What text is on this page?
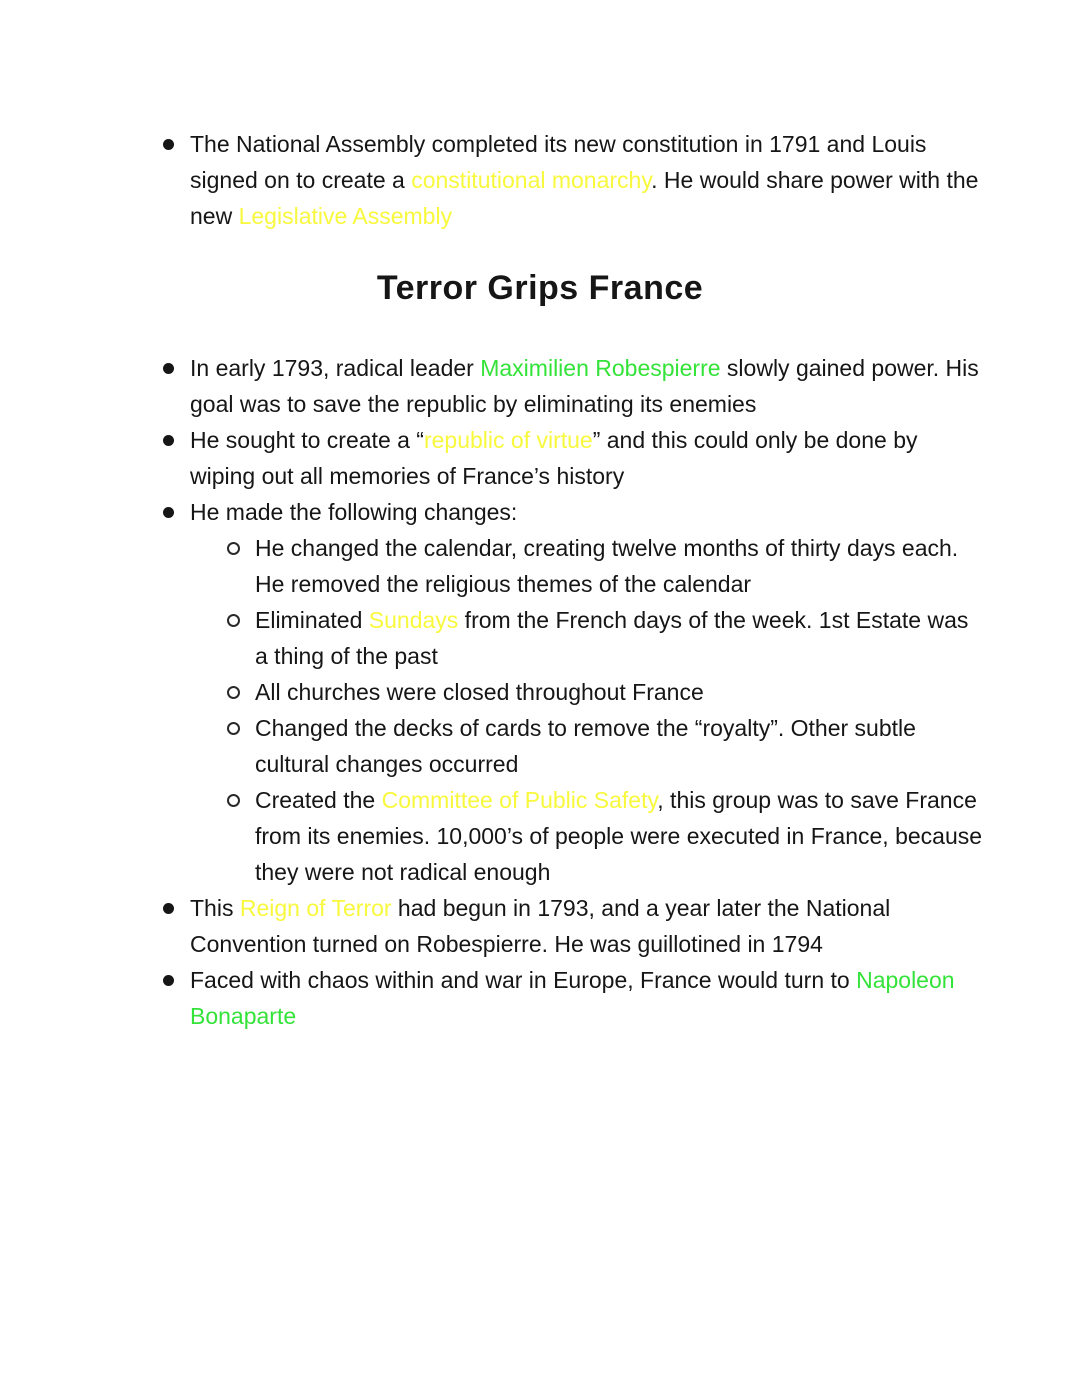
The National Assembly completed its new constitution in 1791 and Louis signed on to create a constitutional monarchy. He would share power with the new Legislative Assembly
Terror Grips France
In early 1793, radical leader Maximilien Robespierre slowly gained power. His goal was to save the republic by eliminating its enemies
He sought to create a “republic of virtue” and this could only be done by wiping out all memories of France’s history
He made the following changes:
He changed the calendar, creating twelve months of thirty days each. He removed the religious themes of the calendar
Eliminated Sundays from the French days of the week. 1st Estate was a thing of the past
All churches were closed throughout France
Changed the decks of cards to remove the “royalty”. Other subtle cultural changes occurred
Created the Committee of Public Safety, this group was to save France from its enemies. 10,000’s of people were executed in France, because they were not radical enough
This Reign of Terror had begun in 1793, and a year later the National Convention turned on Robespierre. He was guillotined in 1794
Faced with chaos within and war in Europe, France would turn to Napoleon Bonaparte
